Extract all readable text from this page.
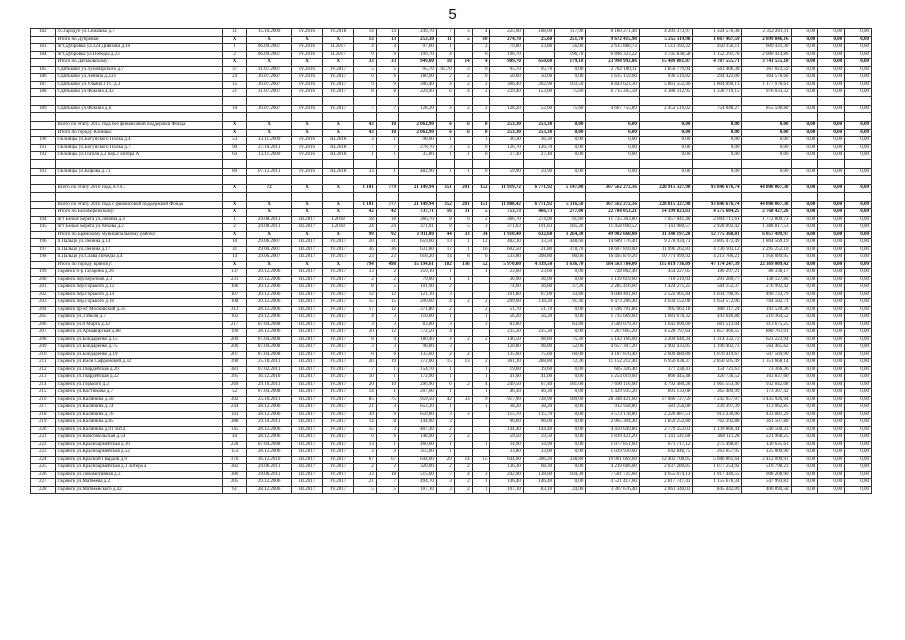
5
182	г.Стародуб ул.Семашко д.7	11	15.10.2009	IV.2016	IV.2018	14	14	249,70	7	3	4	225,90	108,00	117,90	8 180 271,48	4 203 373,97	1 324 576,38	2 352 201,11	0,00	0,00	0,00
	Итого по Дубровке:	X	X	X	X	13	13	253,30	11	5	10	274,70	25,60	251,70	9 672 415,98	5 255 119,98	1 667 467,59	2 699 846,16	0,00	0,00	0,00
183	пгт.Дубровка ул.324 Дивизии д.10	1	06.09.2007	IV.2016	II.2017	4	4	97,60	1		2	79,80	23,80	56,00	2 615 880,73	1 511 393,22	450 156,11	609 431,30	0,00	0,00	0,00
184	пгт.Дубровка ул.Победы д.23	2	06.09.2007	IV.2016	II.2017	9	9	199,70	4		0	196,70		196,70	6 896 323,22	3 745 838,58	1 152 291,78	2 000 414,86	0,00	0,00	0,00
	Итого по Дятьковскому:	X	X	X	X	33	33	949,00	18	14	4	909,70	650,60	179,10	23 998 992,86	15 489 881,07	4 787 555,71	3 741 555,18	0,00	0,00	0,00
185	г.Дятьково ул.Луначарского д.7	37	31.07.2007	IV.2016	IV.2017	5	5	95,70	95,70	3	0	95,70	95,70	0,00	2 782 180,11	1 856 779,94	563 406,38	367 023,59	0,00	0,00	0,00
186	г.Дятьково ул.Ленина д.233	24	30.07.2007	IV.2016	IV.2017	6	6	180,90	2	2	0	50,00	50,00	0,00	1 615 159,06	936 519,82	294 422,00	364 578,66	0,00	0,00	0,00
187	г.Дятьково ул.Ульяна ГТС д.3	15	30.07.2007	IV.2016	IV.2017	9	9	306,40	4	2	2	306,40	202,90	103,50	8 843 623,30	5 861 552,46	1 804 090,13	1 177 978,61	0,00	0,00	0,00
188	г.Дятьково ул.Фокина д.42	21	31.07.2007	IV.2016	IV.2017	8	8	229,40	6	4	2	229,40	153,80	75,60	6 715 265,58	4 388 312,95	1 330 719,15	976 033,32	0,00	0,00	0,00

189	г.Дятьково ул.Фокина д.6	10	30.07.2007	IV.2016	IV.2017	7	7	128,20	4	2	2	128,20	52,60	75,60	4 667 755,89	2 452 516,02	754 048,27	855 590,80	0,00	0,00	0,00

	Всего по этапу 2015 года без финансовой поддержки Фонда	X	X	X	X	43	10	2 062,90	6	6	0	253,30	253,30	0,00	0,00	0,00	0,00	0,00	0,00	0,00	0,00
	Итого по городу Клинцы:	X	X	X	X	43	10	2 062,90	6	6	0	253,30	253,30	0,00	0,00	0,00	0,00	0,00	0,00	0,00	0,00
190	г.Клинцы ул.Богунского Полка д.4	53	13.11.2009	IV.2016	III.2018	3	1	98,00	1		1	36,30	36,30	0,00	0,00	0,00	0,00	0,00	0,00	0,00	0,00
191	г.Клинцы ул.Богунского Полка д.7	90	27.10.2011	IV.2016	III.2018	7	7	278,70	3	3	0	126,70	126,70	0,00	0,00	0,00	0,00	0,00	0,00	0,00	0,00
192	г.Клинцы ул.Гоголя д.2 пер.2 литера А	64	13.11.2009	IV.2016	III.2018	1	1	35,80	1	1	0	27,40	27,40	0,00	0,00	0,00	0,00	0,00	0,00	0,00	0,00

193	г.Клинцы ул.Кирова д.73	89	07.12.2011	IV.2016	III.2018	33	1	482,90	1	1	0	59,90	59,90	0,00	0,00	0,00	0,00	0,00	0,00	0,00	0,00

	Всего по этапу 2016 года, в т.ч.:	X	72	X	X	1 101	779	21 149,94	351	201	152	11 919,72	6 771,92	5 147,80	367 562 272,16	228 915 327,98	93 846 676,74	44 800 067,38	0,00	0,00	0,00

	Всего по этапу 2016 года с финансовой поддержкой Фонда	X	X	X	X	1 101	777	21 149,94	352	201	151	11 888,42	6 771,92	5 116,50	367 562 272,16	228 815 327,98	93 846 676,74	44 800 067,38	0,00	0,00	0,00
	Итого по Белобережскому:	X	X	X	X	42	42	737,71	16	11	5	753,73	466,73	277,00	22 784 053,21	14 199 823,63	4 575 604,25	2 768 427,26	0,00	0,00	0,00
194	пгт Белые Берега ул.Ленина д.4	1	29.08.2011	III.2017	I.2018	18	18	366,70	8	6	2	366,70	274,90	91,80	11 725 363,80	7 057 841,46	2 894 711,61	1 772 809,73	0,00	0,00	0,00
195	пгт Белые Берега ул.Чехова д.2	2	29.08.2011	III.2017	I.2018	24	24	371,01	8	5	3	371,03	191,83	185,20	11 458 690,52	7 141 980,57	2 928 092,42	1 388 817,53	0,00	0,00	0,00
	Итого по Брянскому муниципальному району:	X	X	X	X	99	92	1 911,00	44	33	34	1 918,40	632,60	1 264,30	49 902 660,00	31 140 197,20	12 775 368,81	6 057 499,97	0,00	0,00	0,00
196	п.Пальцо ул.Ленина д.14	10	29.06.2007	III.2017	IV.2017	20	31	659,00	13	1	12	482,10	33,50	448,60	14 689 776,40	9 278 934,73	3 805 472,49	1 804 569,19	0,00	0,00	0,00
197	п.Пальцо ул.Ленина д.17	31	29.06.2007	III.2017	IV.2017	36	36	631,80	17	1	16	602,50	21,80	378,70	18 607 810,00	11 996 262,83	4 730 103,12	2 295 252,10	0,00	0,00	0,00
198	п.Пальцо ул.Слава Победы д.4	14	29.06.2007	III.2017	IV.2017	23	23	618,20	14	8	6	533,80	398,80	80,00	16 495 879,20	10 771 999,92	4 213 786,21	1 958 089,95	0,00	0,00	0,00
	Итого по городу Брянску:	X	X	X	X	794	498	15 194,61	182	136	52	5 970,00	4 339,50	1 636,70	184 563 784,00	115 019 736,09	47 174 247,39	22 369 009,42	0,00	0,00	0,00
199	г.Брянск б-р Гагарина д.26	137	20.12.2006	III.2017	IV.2017	33	2	359,10	1		1	23,60	23,60	0,00	728 862,40	454 227,05	186 297,21	88 338,17	0,00	0,00	0,00
200	г.Брянск пер.Березнов д.3	231	29.12.2006	III.2017	IV.2017	2	2	79,00	1	1		36,90	36,90	0,00	1 139 619,60	710 210,03	291 280,77	138 127,80	0,00	0,00	0,00
201	г.Брянск пер.Горького д.12	106	20.12.2006	III.2017	IV.2017	8	5	101,90	2			74,00	36,80	37,20	2 285 416,00	1 424 271,25	584 152,37	276 992,42	0,00	0,00	0,00
202	г.Брянск пер.Горького д.14	107	20.12.2006	III.2017	IV.2017	12	12	121,10	3			101,80	67,00	33,80	4 048 401,60	2 522 905,84	1 034 790,95	490 723,79	0,00	0,00	0,00
203	г.Брянск пер.Горького д.16	108	20.12.2006	III.2017	IV.2017	15	15	209,60	4	2	2	209,60	118,20	91,40	6 473 206,40	4 034 152,08	1 654 572,06	784 582,71	0,00	0,00	0,00
204	г.Брянск пр-кт Московский д.35	313	28.12.2006	III.2017	IV.2017	17	12	371,80	2		2	51,70	51,70	0,00	1 596 701,80	995 063,18	408 117,24	193 520,38	0,00	0,00	0,00
205	г.Брянск ул.3 Июля д.7	102	29.12.2006	III.2017	IV.2017	4	3	110,00	1		1	56,20	56,20	0,00	1 735 669,60	1 081 678,32	443 640,88	210 364,52	0,00	0,00	0,00
206	г.Брянск ул.8 Марта д.32	217	07.04.2008	III.2017	IV.2017	3	3	83,80	3		3	83,80		83,80	3 589 079,30	1 642 890,00	681 513,04	313 675,25	0,00	0,00	0,00
207	г.Брянск ул.Армавирская д.88	199	28.12.2006	III.2017	IV.2017	20	12	772,50	4			235,30	235,30	0,00	7 267 005,20	4 528 797,64	1 857 466,55	880 761,01	0,00	0,00	0,00
208	г.Брянск ул.Бондаренко д.15	209	07.04.2008	III.2017	IV.2017	8	4	180,40	4	2	2	146,50	98,80	75,30	5 142 166,00	3 204 640,34	1 314 332,72	623 223,94	0,00	0,00	0,00
209	г.Брянск ул.Бондаренко д.75	206	07.04.2008	III.2017	IV.2017	3	3	98,80	3			120,80	98,80	52,00	4 657 307,20	2 902 433,85	1 190 402,73	564 465,62	0,00	0,00	0,00
210	г.Брянск ул.Бондаренко д.19	207	07.04.2008	III.2017	IV.2017	6	6	135,60	2	2		135,60	75,60	60,00	4 187 870,40	2 609 880,80	1 070 419,67	507 569,90	0,00	0,00	0,00
211	г.Брянск ул.Вали Сафроновой д.32	390	25.10.2011	III.2017	IV.2017	20	19	372,00	15	13	2	361,10	288,80	72,30	11 152 212,40	6 950 038,37	2 850 505,49	1 351 668,14	0,00	0,00	0,00
212	г.Брянск ул.Гвардейская д.20	381	07.02.2011	III.2017	IV.2017	7	1	154,70	1		1	19,60	19,60	0,00	605 326,40	377 238,41	154 721,63	73 366,36	0,00	0,00	0,00
213	г.Брянск ул.Гвардейская д.22	395	16.12.2010	III.2017	IV.2017	10	1	172,90	1		1	41,00	41,00	0,00	1 254 019,60	866 445,48	320 736,52	163 837,60	0,00	0,00	0,00
214	г.Брянск ул.Горького д.2	269	29.10.2011	III.2017	IV.2017	20	10	296,90	6	2	4	249,50	67,40	181,00	7 690 116,00	4 792 480,26	1 965 553,40	932 042,08	0,00	0,00	0,00
215	г.Брянск ул.Костюкова д.7	52	07.04.2008	III.2017	IV.2017	14	1	207,00	1		1	46,30	46,30	0,00	1 429 935,20	891 133,08	365 489,99	173 307,42	0,00	0,00	0,00
216	г.Брянск ул.Калинина д.50	392	25.10.2011	III.2017	IV.2017	85	75	959,50	42	33	9	917,90	728,90	189,00	28 348 421,60	17 666 727,59	7 245 957,07	3 435 926,94	0,00	0,00	0,00
217	г.Брянск ул.Калинина д.74	244	28.12.2006	III.2017	IV.2017	21	3	653,20	1		1	38,20	38,20	0,00	932 958,80	581 256,00	239 397,39	113 062,85	0,00	0,00	0,00
218	г.Брянск ул.Калинина д.76	143	28.12.2006	III.2017	IV.2017	39	9	659,80	3	3		115,70	115,70	0,00	3 573 178,80	2 226 887,51	913 330,06	433 081,29	0,00	0,00	0,00
219	г.Брянск ул.Калинина д.85	388	29.10.2011	III.2017	IV.2017	14	8	144,00	3			96,00	96,00	0,00	2 965 304,40	1 859 252,80	762 392,88	361 507,80	0,00	0,00	0,00
220	г.Брянск ул.Калинина д.91 лит.а	145	28.12.2006	III.2017	IV.2017	15	3	407,30	2			144,40	144,40	0,00	4 459 649,80	2 779 253,03	1 139 866,44	540 500,33	0,00	0,00	0,00
221	г.Брянск ул.Комсомольская д.54	44	28.12.2006	III.2017	IV.2017	6	6	148,90	2	2		59,50	59,50	0,00	1 839 421,20	1 141 541,68	468 111,28	221 968,25	0,00	0,00	0,00
222	г.Брянск ул.Красноармейская д.10	228	07.04.2008	III.2017	IV.2017	13	1	460,60	1		1	34,90	34,90	0,00	1 077 851,60	671 717,12	275 498,87	130 635,61	0,00	0,00	0,00
223	г.Брянск ул.Красноармейская д.52	153	28.12.2006	III.2017	IV.2017	3	3	315,00	1			33,80	33,80	0,00	1 039 939,60	642 846,75	263 657,95	125 000,90	0,00	0,00	0,00
224	г.Брянск ул.Красной Гвардии д.9	376	16.12.2010	III.2017	IV.2017	67	67	644,00	29	14	15	644,00	306,20	338,80	19 901 669,60	12 402 708,05	5 086 861,64	2 412 099,91	0,00	0,00	0,00
225	г.Брянск ул.Красноармейская д.1 литера а	382	29.06.2011	III.2017	IV.2017	2	2	320,00	2	2		136,30	68,30	0,00	4 219 666,00	2 637 280,85	1 077 254,92	510 798,23	0,00	0,00	0,00
226	г.Брянск ул.Локомотивная д.2	386	29.06.2011	III.2017	IV.2017	33	18	515,00	7	4	3	242,90	138,80	104,30	7 501 725,60	4 655 074,13	1 917 440,55	908 208,90	0,00	0,00	0,00
227	г.Брянск ул.Матвеева д.2	205	29.12.2006	III.2017	IV.2017	21	7	494,70	3	2	1	146,40	146,40	0,00	4 521 417,60	2 817 747,43	1 155 676,34	547 993,83	0,00	0,00	0,00
228	г.Брянск ул.Матвеевского д.42	61	28.12.2006	III.2017	IV.2017	5	5	107,10	3	2	1	107,10	83,10	24,00	3 307 676,40	2 061 340,03	845 442,09	400 894,58	0,00	0,00	0,00
